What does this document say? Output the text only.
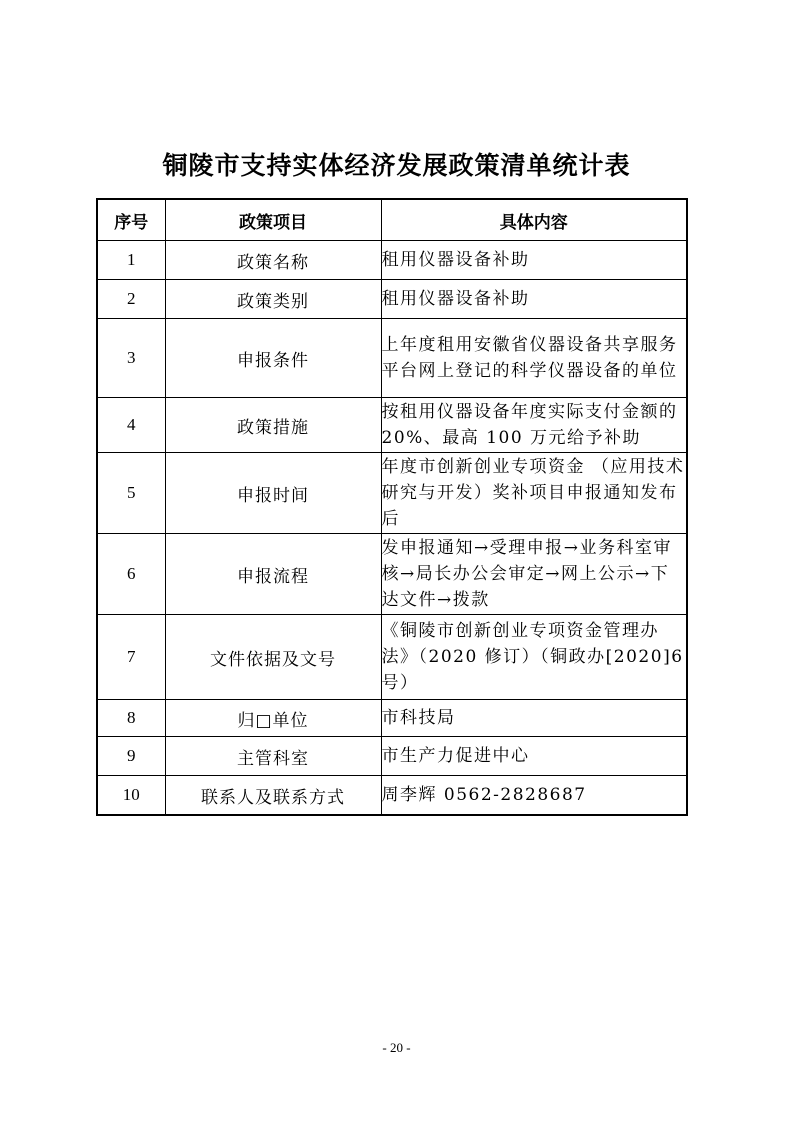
铜陵市支持实体经济发展政策清单统计表
序号	政策项目	具体内容
1	政策名称	租用仪器设备补助
2	政策类别	租用仪器设备补助
3	申报条件	上年度租用安徽省仪器设备共享服务平台网上登记的科学仪器设备的单位
4	政策措施	按租用仪器设备年度实际支付金额的 20%、最高 100 万元给予补助
5	申报时间	年度市创新创业专项资金 （应用技术研究与开发）奖补项目申报通知发布后
6	申报流程	发申报通知→受理申报→业务科室审核→局长办公会审定→网上公示→下达文件→拨款
7	文件依据及文号	《铜陵市创新创业专项资金管理办法》（2020 修订）（铜政办[2020]6 号）
8	归□单位	市科技局
9	主管科室	市生产力促进中心
10	联系人及联系方式	周李辉 0562-2828687
- 20 -
